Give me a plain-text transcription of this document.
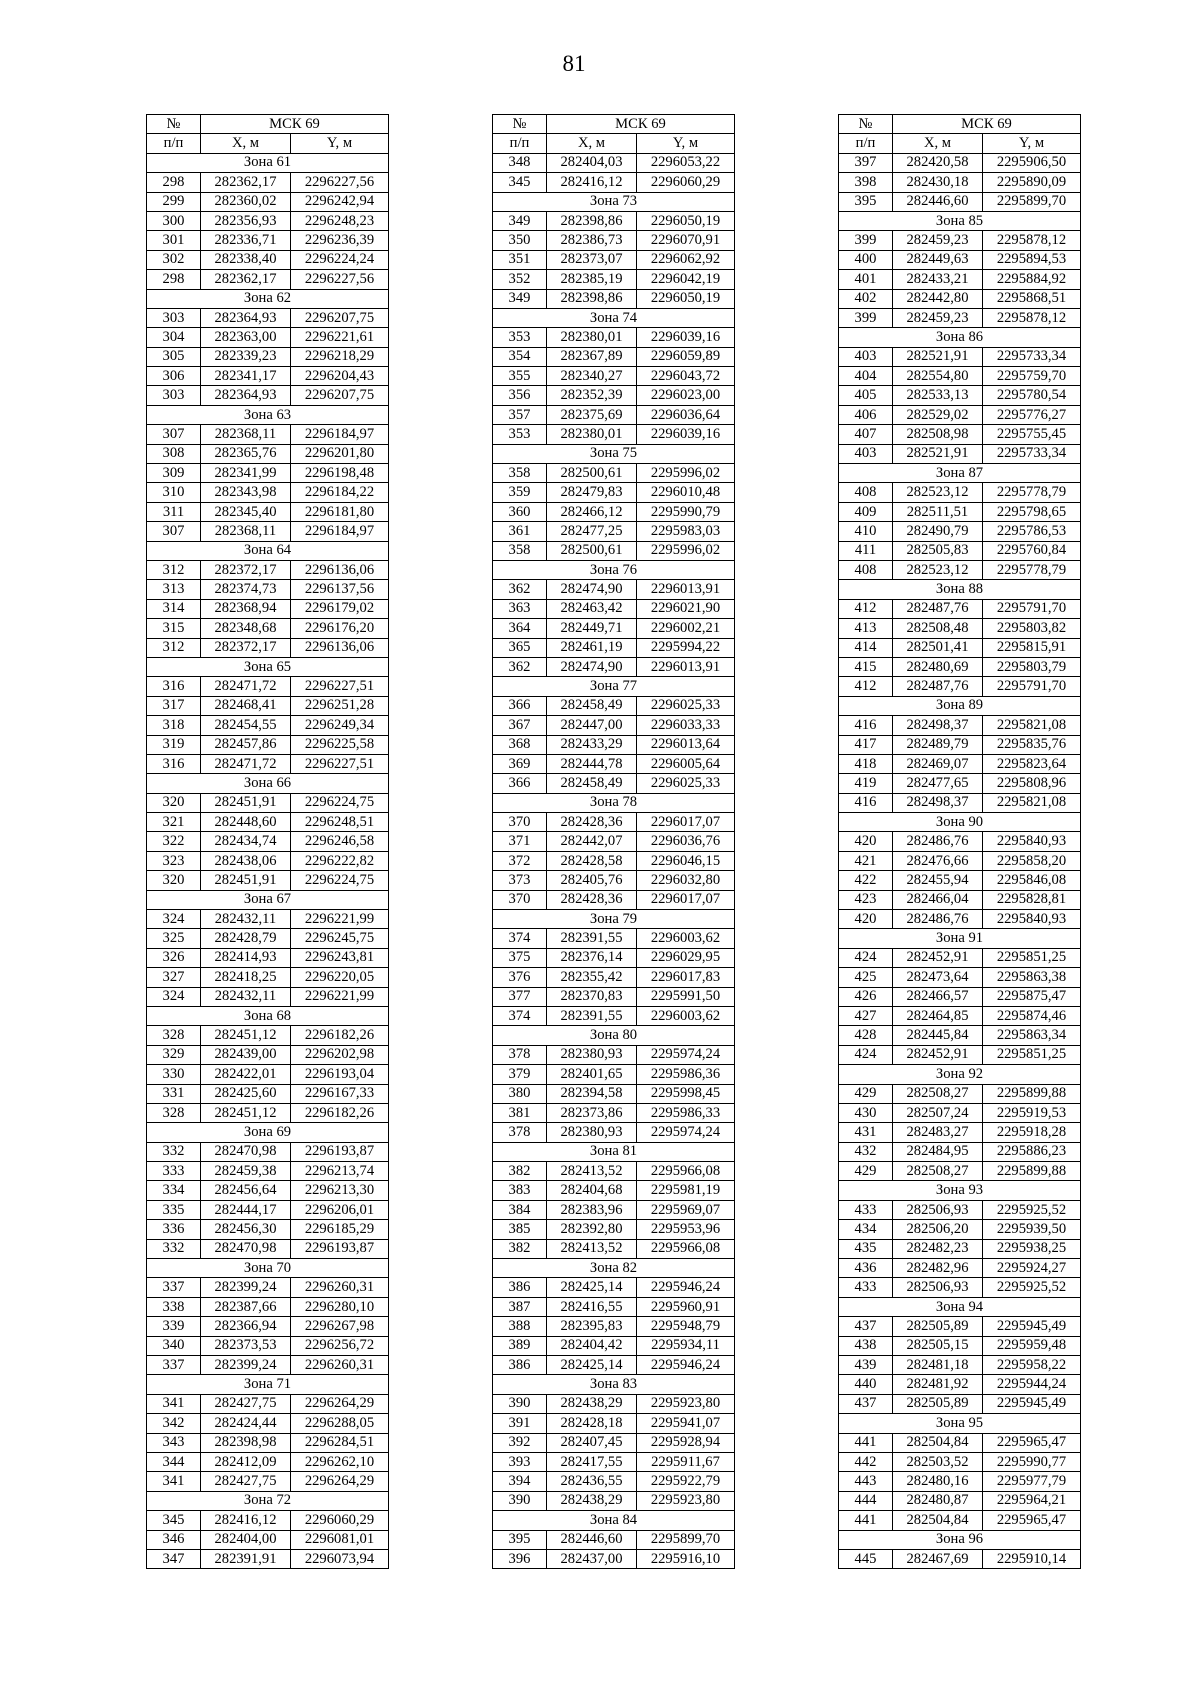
81
№	МСК 69	
п/п	X, м	Y, м
Зона 61		
298	282362,17	2296227,56
299	282360,02	2296242,94
300	282356,93	2296248,23
301	282336,71	2296236,39
302	282338,40	2296224,24
298	282362,17	2296227,56
Зона 62		
303	282364,93	2296207,75
304	282363,00	2296221,61
305	282339,23	2296218,29
306	282341,17	2296204,43
303	282364,93	2296207,75
Зона 63		
307	282368,11	2296184,97
308	282365,76	2296201,80
309	282341,99	2296198,48
310	282343,98	2296184,22
311	282345,40	2296181,80
307	282368,11	2296184,97
Зона 64		
312	282372,17	2296136,06
313	282374,73	2296137,56
314	282368,94	2296179,02
315	282348,68	2296176,20
312	282372,17	2296136,06
Зона 65		
316	282471,72	2296227,51
317	282468,41	2296251,28
318	282454,55	2296249,34
319	282457,86	2296225,58
316	282471,72	2296227,51
Зона 66		
320	282451,91	2296224,75
321	282448,60	2296248,51
322	282434,74	2296246,58
323	282438,06	2296222,82
320	282451,91	2296224,75
Зона 67		
324	282432,11	2296221,99
325	282428,79	2296245,75
326	282414,93	2296243,81
327	282418,25	2296220,05
324	282432,11	2296221,99
Зона 68		
328	282451,12	2296182,26
329	282439,00	2296202,98
330	282422,01	2296193,04
331	282425,60	2296167,33
328	282451,12	2296182,26
Зона 69		
332	282470,98	2296193,87
333	282459,38	2296213,74
334	282456,64	2296213,30
335	282444,17	2296206,01
336	282456,30	2296185,29
332	282470,98	2296193,87
Зона 70		
337	282399,24	2296260,31
338	282387,66	2296280,10
339	282366,94	2296267,98
340	282373,53	2296256,72
337	282399,24	2296260,31
Зона 71		
341	282427,75	2296264,29
342	282424,44	2296288,05
343	282398,98	2296284,51
344	282412,09	2296262,10
341	282427,75	2296264,29
Зона 72		
345	282416,12	2296060,29
346	282404,00	2296081,01
347	282391,91	2296073,94
№	МСК 69	
п/п	X, м	Y, м
348	282404,03	2296053,22
345	282416,12	2296060,29
Зона 73		
349	282398,86	2296050,19
350	282386,73	2296070,91
351	282373,07	2296062,92
352	282385,19	2296042,19
349	282398,86	2296050,19
Зона 74		
353	282380,01	2296039,16
354	282367,89	2296059,89
355	282340,27	2296043,72
356	282352,39	2296023,00
357	282375,69	2296036,64
353	282380,01	2296039,16
Зона 75		
358	282500,61	2295996,02
359	282479,83	2296010,48
360	282466,12	2295990,79
361	282477,25	2295983,03
358	282500,61	2295996,02
Зона 76		
362	282474,90	2296013,91
363	282463,42	2296021,90
364	282449,71	2296002,21
365	282461,19	2295994,22
362	282474,90	2296013,91
Зона 77		
366	282458,49	2296025,33
367	282447,00	2296033,33
368	282433,29	2296013,64
369	282444,78	2296005,64
366	282458,49	2296025,33
Зона 78		
370	282428,36	2296017,07
371	282442,07	2296036,76
372	282428,58	2296046,15
373	282405,76	2296032,80
370	282428,36	2296017,07
Зона 79		
374	282391,55	2296003,62
375	282376,14	2296029,95
376	282355,42	2296017,83
377	282370,83	2295991,50
374	282391,55	2296003,62
Зона 80		
378	282380,93	2295974,24
379	282401,65	2295986,36
380	282394,58	2295998,45
381	282373,86	2295986,33
378	282380,93	2295974,24
Зона 81		
382	282413,52	2295966,08
383	282404,68	2295981,19
384	282383,96	2295969,07
385	282392,80	2295953,96
382	282413,52	2295966,08
Зона 82		
386	282425,14	2295946,24
387	282416,55	2295960,91
388	282395,83	2295948,79
389	282404,42	2295934,11
386	282425,14	2295946,24
Зона 83		
390	282438,29	2295923,80
391	282428,18	2295941,07
392	282407,45	2295928,94
393	282417,55	2295911,67
394	282436,55	2295922,79
390	282438,29	2295923,80
Зона 84		
395	282446,60	2295899,70
396	282437,00	2295916,10
№	МСК 69	
п/п	X, м	Y, м
397	282420,58	2295906,50
398	282430,18	2295890,09
395	282446,60	2295899,70
Зона 85		
399	282459,23	2295878,12
400	282449,63	2295894,53
401	282433,21	2295884,92
402	282442,80	2295868,51
399	282459,23	2295878,12
Зона 86		
403	282521,91	2295733,34
404	282554,80	2295759,70
405	282533,13	2295780,54
406	282529,02	2295776,27
407	282508,98	2295755,45
403	282521,91	2295733,34
Зона 87		
408	282523,12	2295778,79
409	282511,51	2295798,65
410	282490,79	2295786,53
411	282505,83	2295760,84
408	282523,12	2295778,79
Зона 88		
412	282487,76	2295791,70
413	282508,48	2295803,82
414	282501,41	2295815,91
415	282480,69	2295803,79
412	282487,76	2295791,70
Зона 89		
416	282498,37	2295821,08
417	282489,79	2295835,76
418	282469,07	2295823,64
419	282477,65	2295808,96
416	282498,37	2295821,08
Зона 90		
420	282486,76	2295840,93
421	282476,66	2295858,20
422	282455,94	2295846,08
423	282466,04	2295828,81
420	282486,76	2295840,93
Зона 91		
424	282452,91	2295851,25
425	282473,64	2295863,38
426	282466,57	2295875,47
427	282464,85	2295874,46
428	282445,84	2295863,34
424	282452,91	2295851,25
Зона 92		
429	282508,27	2295899,88
430	282507,24	2295919,53
431	282483,27	2295918,28
432	282484,95	2295886,23
429	282508,27	2295899,88
Зона 93		
433	282506,93	2295925,52
434	282506,20	2295939,50
435	282482,23	2295938,25
436	282482,96	2295924,27
433	282506,93	2295925,52
Зона 94		
437	282505,89	2295945,49
438	282505,15	2295959,48
439	282481,18	2295958,22
440	282481,92	2295944,24
437	282505,89	2295945,49
Зона 95		
441	282504,84	2295965,47
442	282503,52	2295990,77
443	282480,16	2295977,79
444	282480,87	2295964,21
441	282504,84	2295965,47
Зона 96		
445	282467,69	2295910,14
